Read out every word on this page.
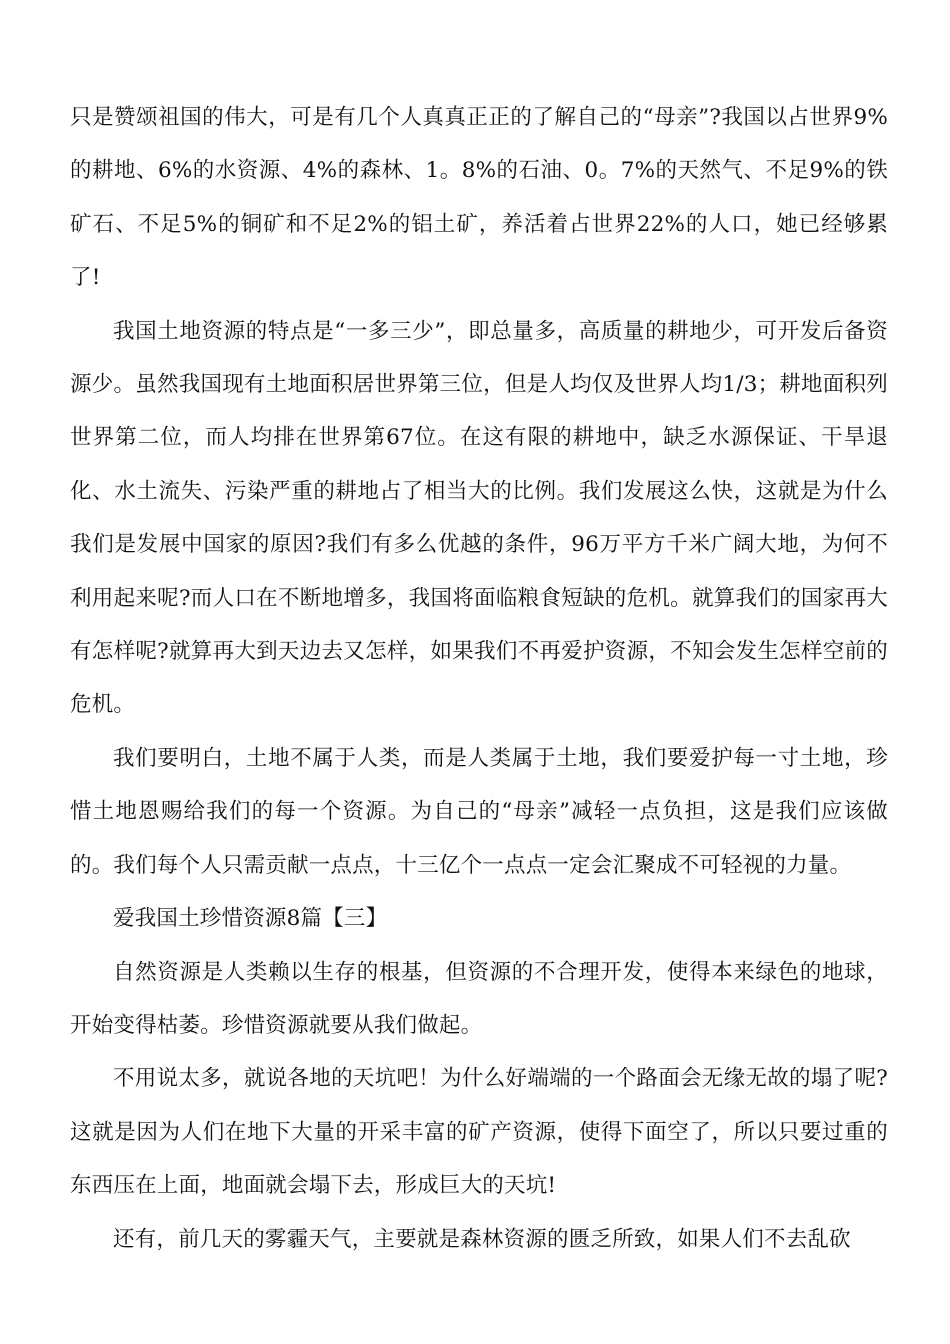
只是赞颂祖国的伟大，可是有几个人真真正正的了解自己的“母亲”?我国以占世界9%的耕地、6%的水资源、4%的森林、1。8%的石油、0。7%的天然气、不足9%的铁矿石、不足5%的铜矿和不足2%的铝土矿，养活着占世界22%的人口，她已经够累了!

我国土地资源的特点是“一多三少”，即总量多，高质量的耕地少，可开发后备资源少。虽然我国现有土地面积居世界第三位，但是人均仅及世界人均1/3；耕地面积列世界第二位，而人均排在世界第67位。在这有限的耕地中，缺乏水源保证、干旱退化、水土流失、污染严重的耕地占了相当大的比例。我们发展这么快，这就是为什么我们是发展中国家的原因?我们有多么优越的条件，96万平方千米广阔大地，为何不利用起来呢?而人口在不断地增多，我国将面临粮食短缺的危机。就算我们的国家再大有怎样呢?就算再大到天边去又怎样，如果我们不再爱护资源，不知会发生怎样空前的危机。

我们要明白，土地不属于人类，而是人类属于土地，我们要爱护每一寸土地，珍惜土地恩赐给我们的每一个资源。为自己的“母亲”减轻一点负担，这是我们应该做的。我们每个人只需贡献一点点，十三亿个一点点一定会汇聚成不可轻视的力量。

爱我国土珍惜资源8篇【三】

自然资源是人类赖以生存的根基，但资源的不合理开发，使得本来绿色的地球，开始变得枯萎。珍惜资源就要从我们做起。

不用说太多，就说各地的天坑吧！为什么好端端的一个路面会无缘无故的塌了呢?这就是因为人们在地下大量的开采丰富的矿产资源，使得下面空了，所以只要过重的东西压在上面，地面就会塌下去，形成巨大的天坑!

还有，前几天的雾霾天气，主要就是森林资源的匮乏所致，如果人们不去乱砍
